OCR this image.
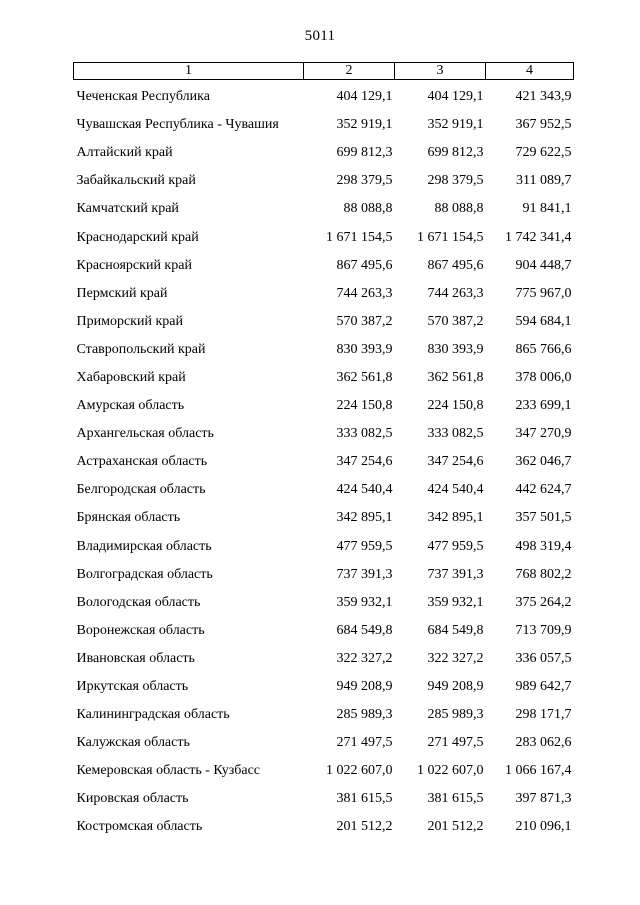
5011
1	2	3	4
Чеченская Республика	404 129,1	404 129,1	421 343,9
Чувашская Республика - Чувашия	352 919,1	352 919,1	367 952,5
Алтайский край	699 812,3	699 812,3	729 622,5
Забайкальский край	298 379,5	298 379,5	311 089,7
Камчатский край	88 088,8	88 088,8	91 841,1
Краснодарский край	1 671 154,5	1 671 154,5	1 742 341,4
Красноярский край	867 495,6	867 495,6	904 448,7
Пермский край	744 263,3	744 263,3	775 967,0
Приморский край	570 387,2	570 387,2	594 684,1
Ставропольский край	830 393,9	830 393,9	865 766,6
Хабаровский край	362 561,8	362 561,8	378 006,0
Амурская область	224 150,8	224 150,8	233 699,1
Архангельская область	333 082,5	333 082,5	347 270,9
Астраханская область	347 254,6	347 254,6	362 046,7
Белгородская область	424 540,4	424 540,4	442 624,7
Брянская область	342 895,1	342 895,1	357 501,5
Владимирская область	477 959,5	477 959,5	498 319,4
Волгоградская область	737 391,3	737 391,3	768 802,2
Вологодская область	359 932,1	359 932,1	375 264,2
Воронежская область	684 549,8	684 549,8	713 709,9
Ивановская область	322 327,2	322 327,2	336 057,5
Иркутская область	949 208,9	949 208,9	989 642,7
Калининградская область	285 989,3	285 989,3	298 171,7
Калужская область	271 497,5	271 497,5	283 062,6
Кемеровская область - Кузбасс	1 022 607,0	1 022 607,0	1 066 167,4
Кировская область	381 615,5	381 615,5	397 871,3
Костромская область	201 512,2	201 512,2	210 096,1
